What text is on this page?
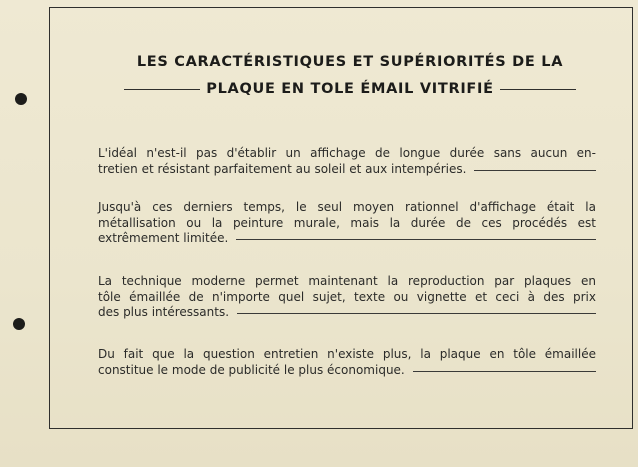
LES CARACTÉRISTIQUES ET SUPÉRIORITÉS DE LA
PLAQUE EN TOLE ÉMAIL VITRIFIÉ
L'idéal n'est-il pas d'établir un affichage de longue durée sans aucun en-
tretien et résistant parfaitement au soleil et aux intempéries.
Jusqu'à ces derniers temps, le seul moyen rationnel d'affichage était la
métallisation ou la peinture murale, mais la durée de ces procédés est
extrêmement limitée.
La technique moderne permet maintenant la reproduction par plaques en
tôle émaillée de n'importe quel sujet, texte ou vignette et ceci à des prix
des plus intéressants.
Du fait que la question entretien n'existe plus, la plaque en tôle émaillée
constitue le mode de publicité le plus économique.
